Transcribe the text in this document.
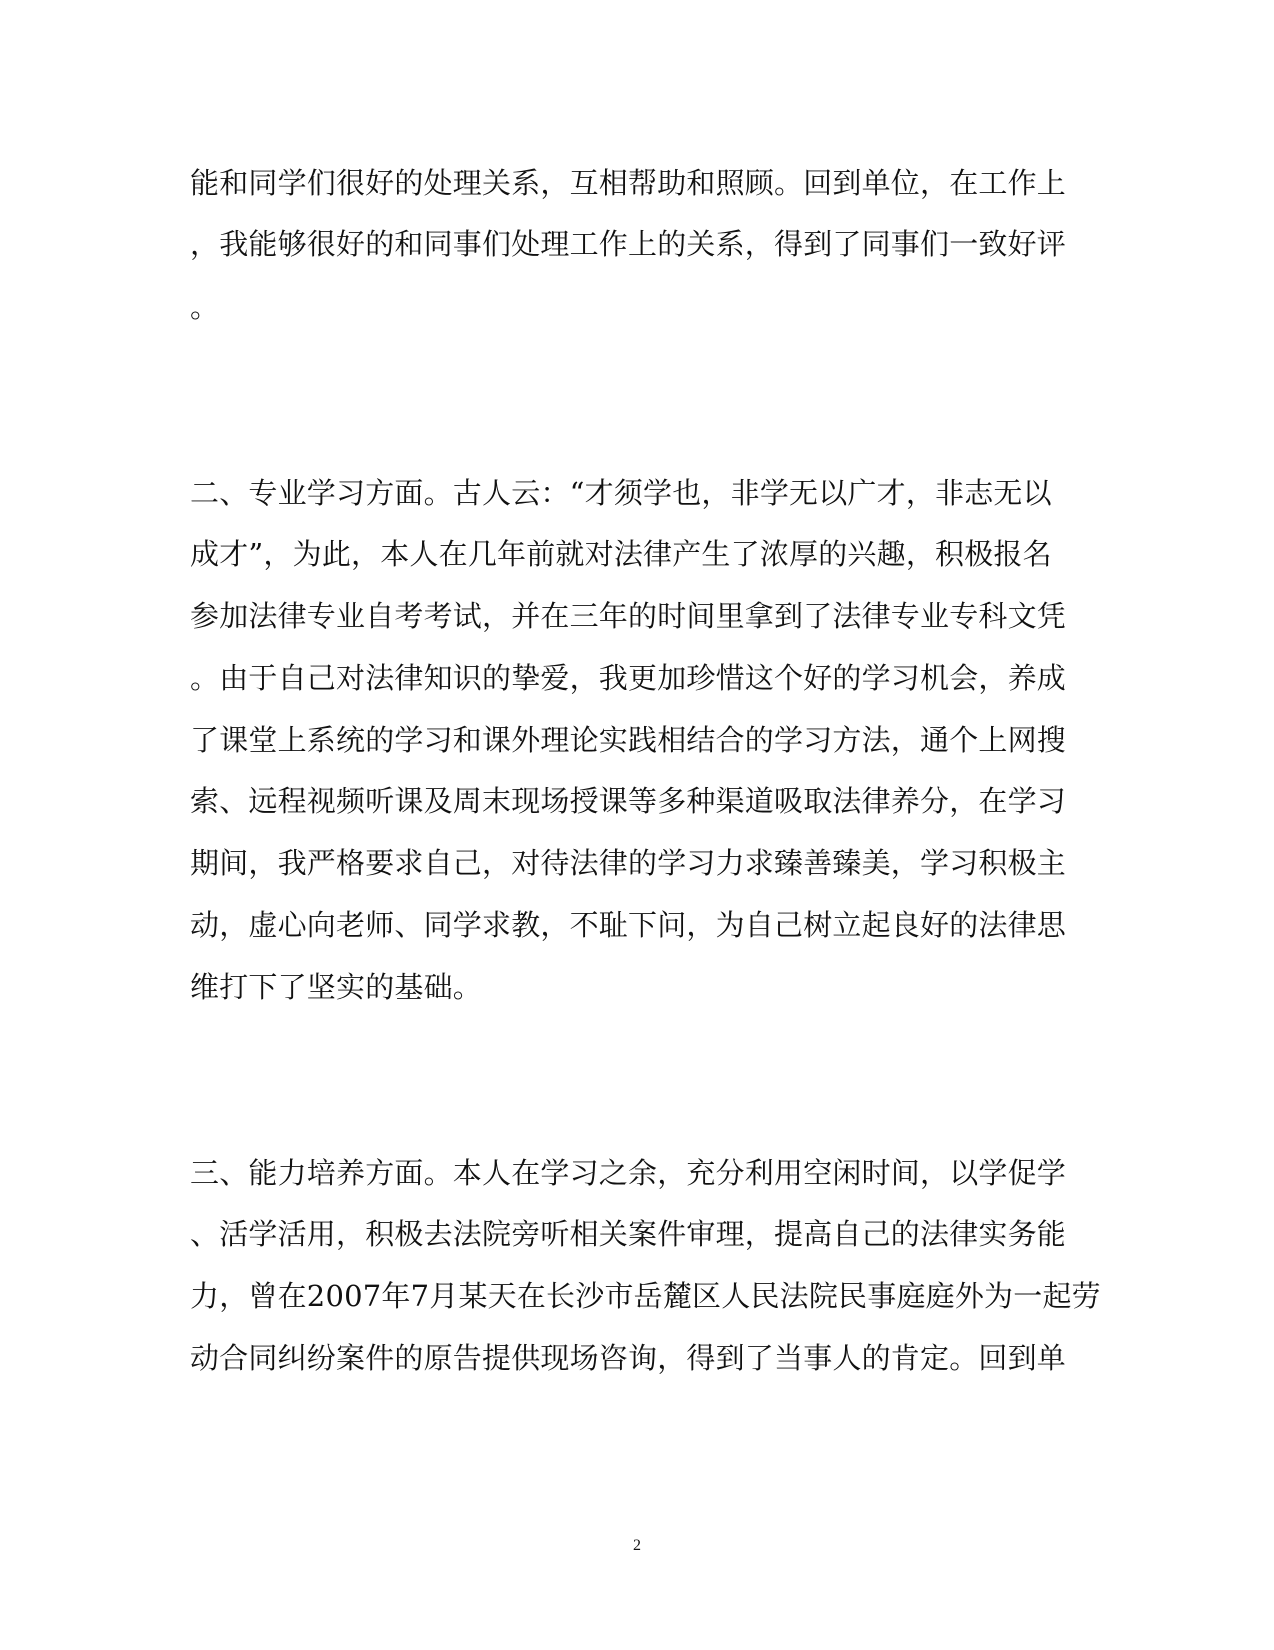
能和同学们很好的处理关系，互相帮助和照顾。回到单位，在工作上
，我能够很好的和同事们处理工作上的关系，得到了同事们一致好评
。
二、专业学习方面。古人云：“才须学也，非学无以广才，非志无以
成才”，为此，本人在几年前就对法律产生了浓厚的兴趣，积极报名
参加法律专业自考考试，并在三年的时间里拿到了法律专业专科文凭
。由于自己对法律知识的挚爱，我更加珍惜这个好的学习机会，养成
了课堂上系统的学习和课外理论实践相结合的学习方法，通个上网搜
索、远程视频听课及周末现场授课等多种渠道吸取法律养分，在学习
期间，我严格要求自己，对待法律的学习力求臻善臻美，学习积极主
动，虚心向老师、同学求教，不耻下问，为自己树立起良好的法律思
维打下了坚实的基础。
三、能力培养方面。本人在学习之余，充分利用空闲时间，以学促学
、活学活用，积极去法院旁听相关案件审理，提高自己的法律实务能
力，曾在2007年7月某天在长沙市岳麓区人民法院民事庭庭外为一起劳
动合同纠纷案件的原告提供现场咨询，得到了当事人的肯定。回到单
2
